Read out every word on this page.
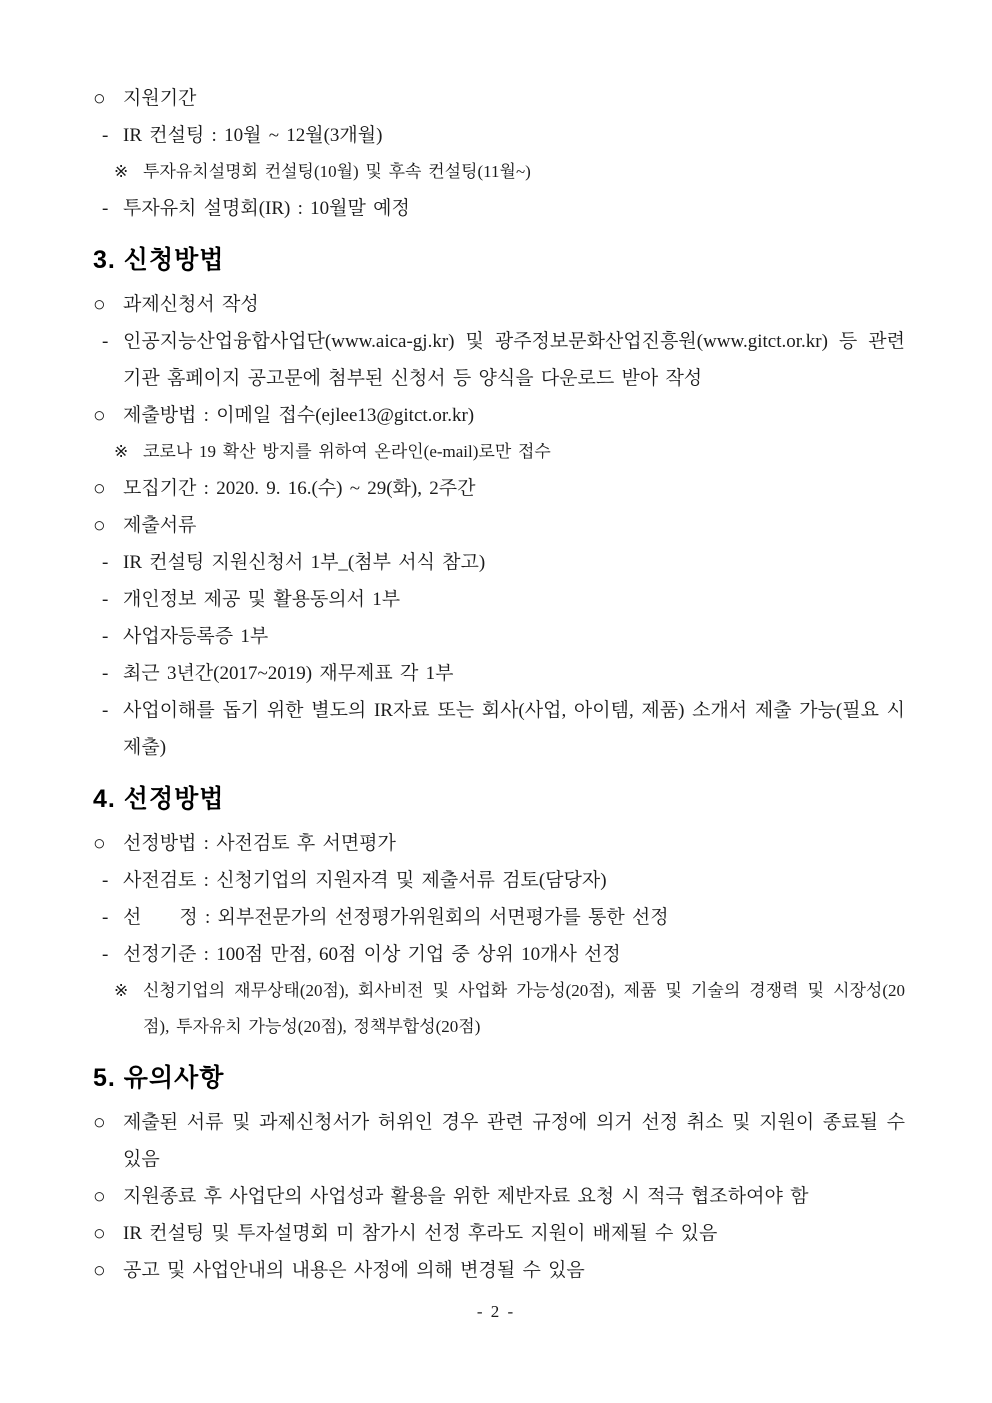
○ 지원기간

- IR 컨설팅 : 10월 ~ 12월(3개월)

※ 투자유치설명회 컨설팅(10월) 및 후속 컨설팅(11월~)

- 투자유치 설명회(IR) : 10월말 예정

3. 신청방법
○ 과제신청서 작성

- 인공지능산업융합사업단(www.aica-gj.kr) 및 광주정보문화산업진흥원(www.gitct.or.kr) 등 관련기관 홈페이지 공고문에 첨부된 신청서 등 양식을 다운로드 받아 작성

○ 제출방법 : 이메일 접수(ejlee13@gitct.or.kr)

※ 코로나 19 확산 방지를 위하여 온라인(e-mail)로만 접수

○ 모집기간 : 2020. 9. 16.(수) ~ 29(화), 2주간

○ 제출서류

- IR 컨설팅 지원신청서 1부_(첨부 서식 참고)

- 개인정보 제공 및 활용동의서 1부

- 사업자등록증 1부

- 최근 3년간(2017~2019) 재무제표 각 1부

- 사업이해를 돕기 위한 별도의 IR자료 또는 회사(사업, 아이템, 제품) 소개서 제출 가능(필요 시 제출)

4. 선정방법
○ 선정방법 : 사전검토 후 서면평가

- 사전검토 : 신청기업의 지원자격 및 제출서류 검토(담당자)

- 선　　정 : 외부전문가의 선정평가위원회의 서면평가를 통한 선정

- 선정기준 : 100점 만점, 60점 이상 기업 중 상위 10개사 선정

※ 신청기업의 재무상태(20점), 회사비전 및 사업화 가능성(20점), 제품 및 기술의 경쟁력 및 시장성(20점), 투자유치 가능성(20점), 정책부합성(20점)

5. 유의사항
○ 제출된 서류 및 과제신청서가 허위인 경우 관련 규정에 의거 선정 취소 및 지원이 종료될 수 있음

○ 지원종료 후 사업단의 사업성과 활용을 위한 제반자료 요청 시 적극 협조하여야 함

○ IR 컨설팅 및 투자설명회 미 참가시 선정 후라도 지원이 배제될 수 있음

○ 공고 및 사업안내의 내용은 사정에 의해 변경될 수 있음

- 2 -
